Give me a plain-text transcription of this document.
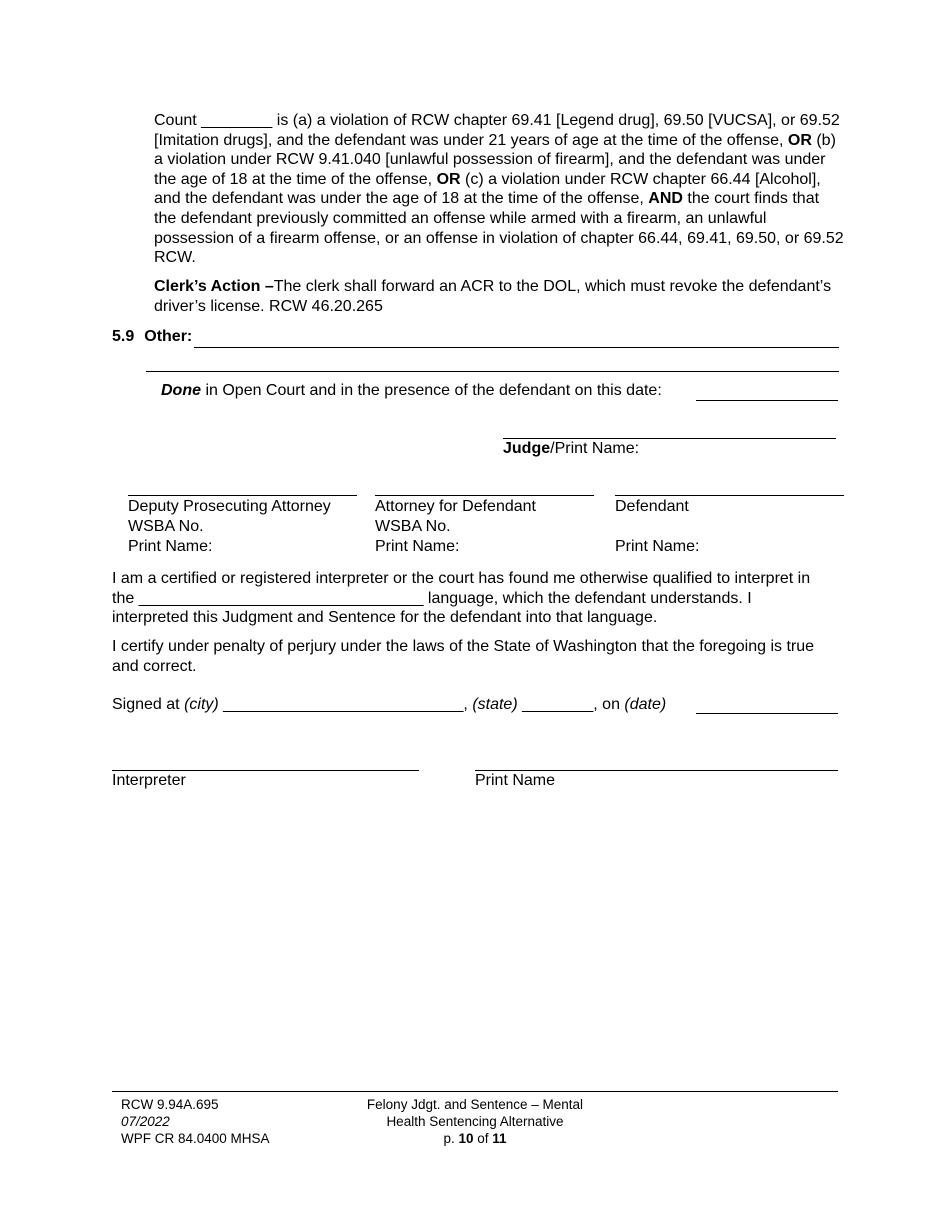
Count ________ is (a) a violation of RCW chapter 69.41 [Legend drug], 69.50 [VUCSA], or 69.52 [Imitation drugs], and the defendant was under 21 years of age at the time of the offense, OR (b) a violation under RCW 9.41.040 [unlawful possession of firearm], and the defendant was under the age of 18 at the time of the offense, OR (c) a violation under RCW chapter 66.44 [Alcohol], and the defendant was under the age of 18 at the time of the offense, AND the court finds that the defendant previously committed an offense while armed with a firearm, an unlawful possession of a firearm offense, or an offense in violation of chapter 66.44, 69.41, 69.50, or 69.52 RCW.

Clerk’s Action –The clerk shall forward an ACR to the DOL, which must revoke the defendant’s driver’s license. RCW 46.20.265

5.9 Other:
Done in Open Court and in the presence of the defendant on this date:
Judge/Print Name:
Deputy Prosecuting Attorney
WSBA No.
Print Name:
Attorney for Defendant
WSBA No.
Print Name:
Defendant
Print Name:

I am a certified or registered interpreter or the court has found me otherwise qualified to interpret in the ________________________________ language, which the defendant understands. I interpreted this Judgment and Sentence for the defendant into that language.

I certify under penalty of perjury under the laws of the State of Washington that the foregoing is true and correct.

Signed at (city) ___________________________, (state) ________, on (date)
Interpreter	Print Name
RCW 9.94A.695
07/2022
WPF CR 84.0400 MHSA
Felony Jdgt. and Sentence – Mental
Health Sentencing Alternative
p. 10 of 11
